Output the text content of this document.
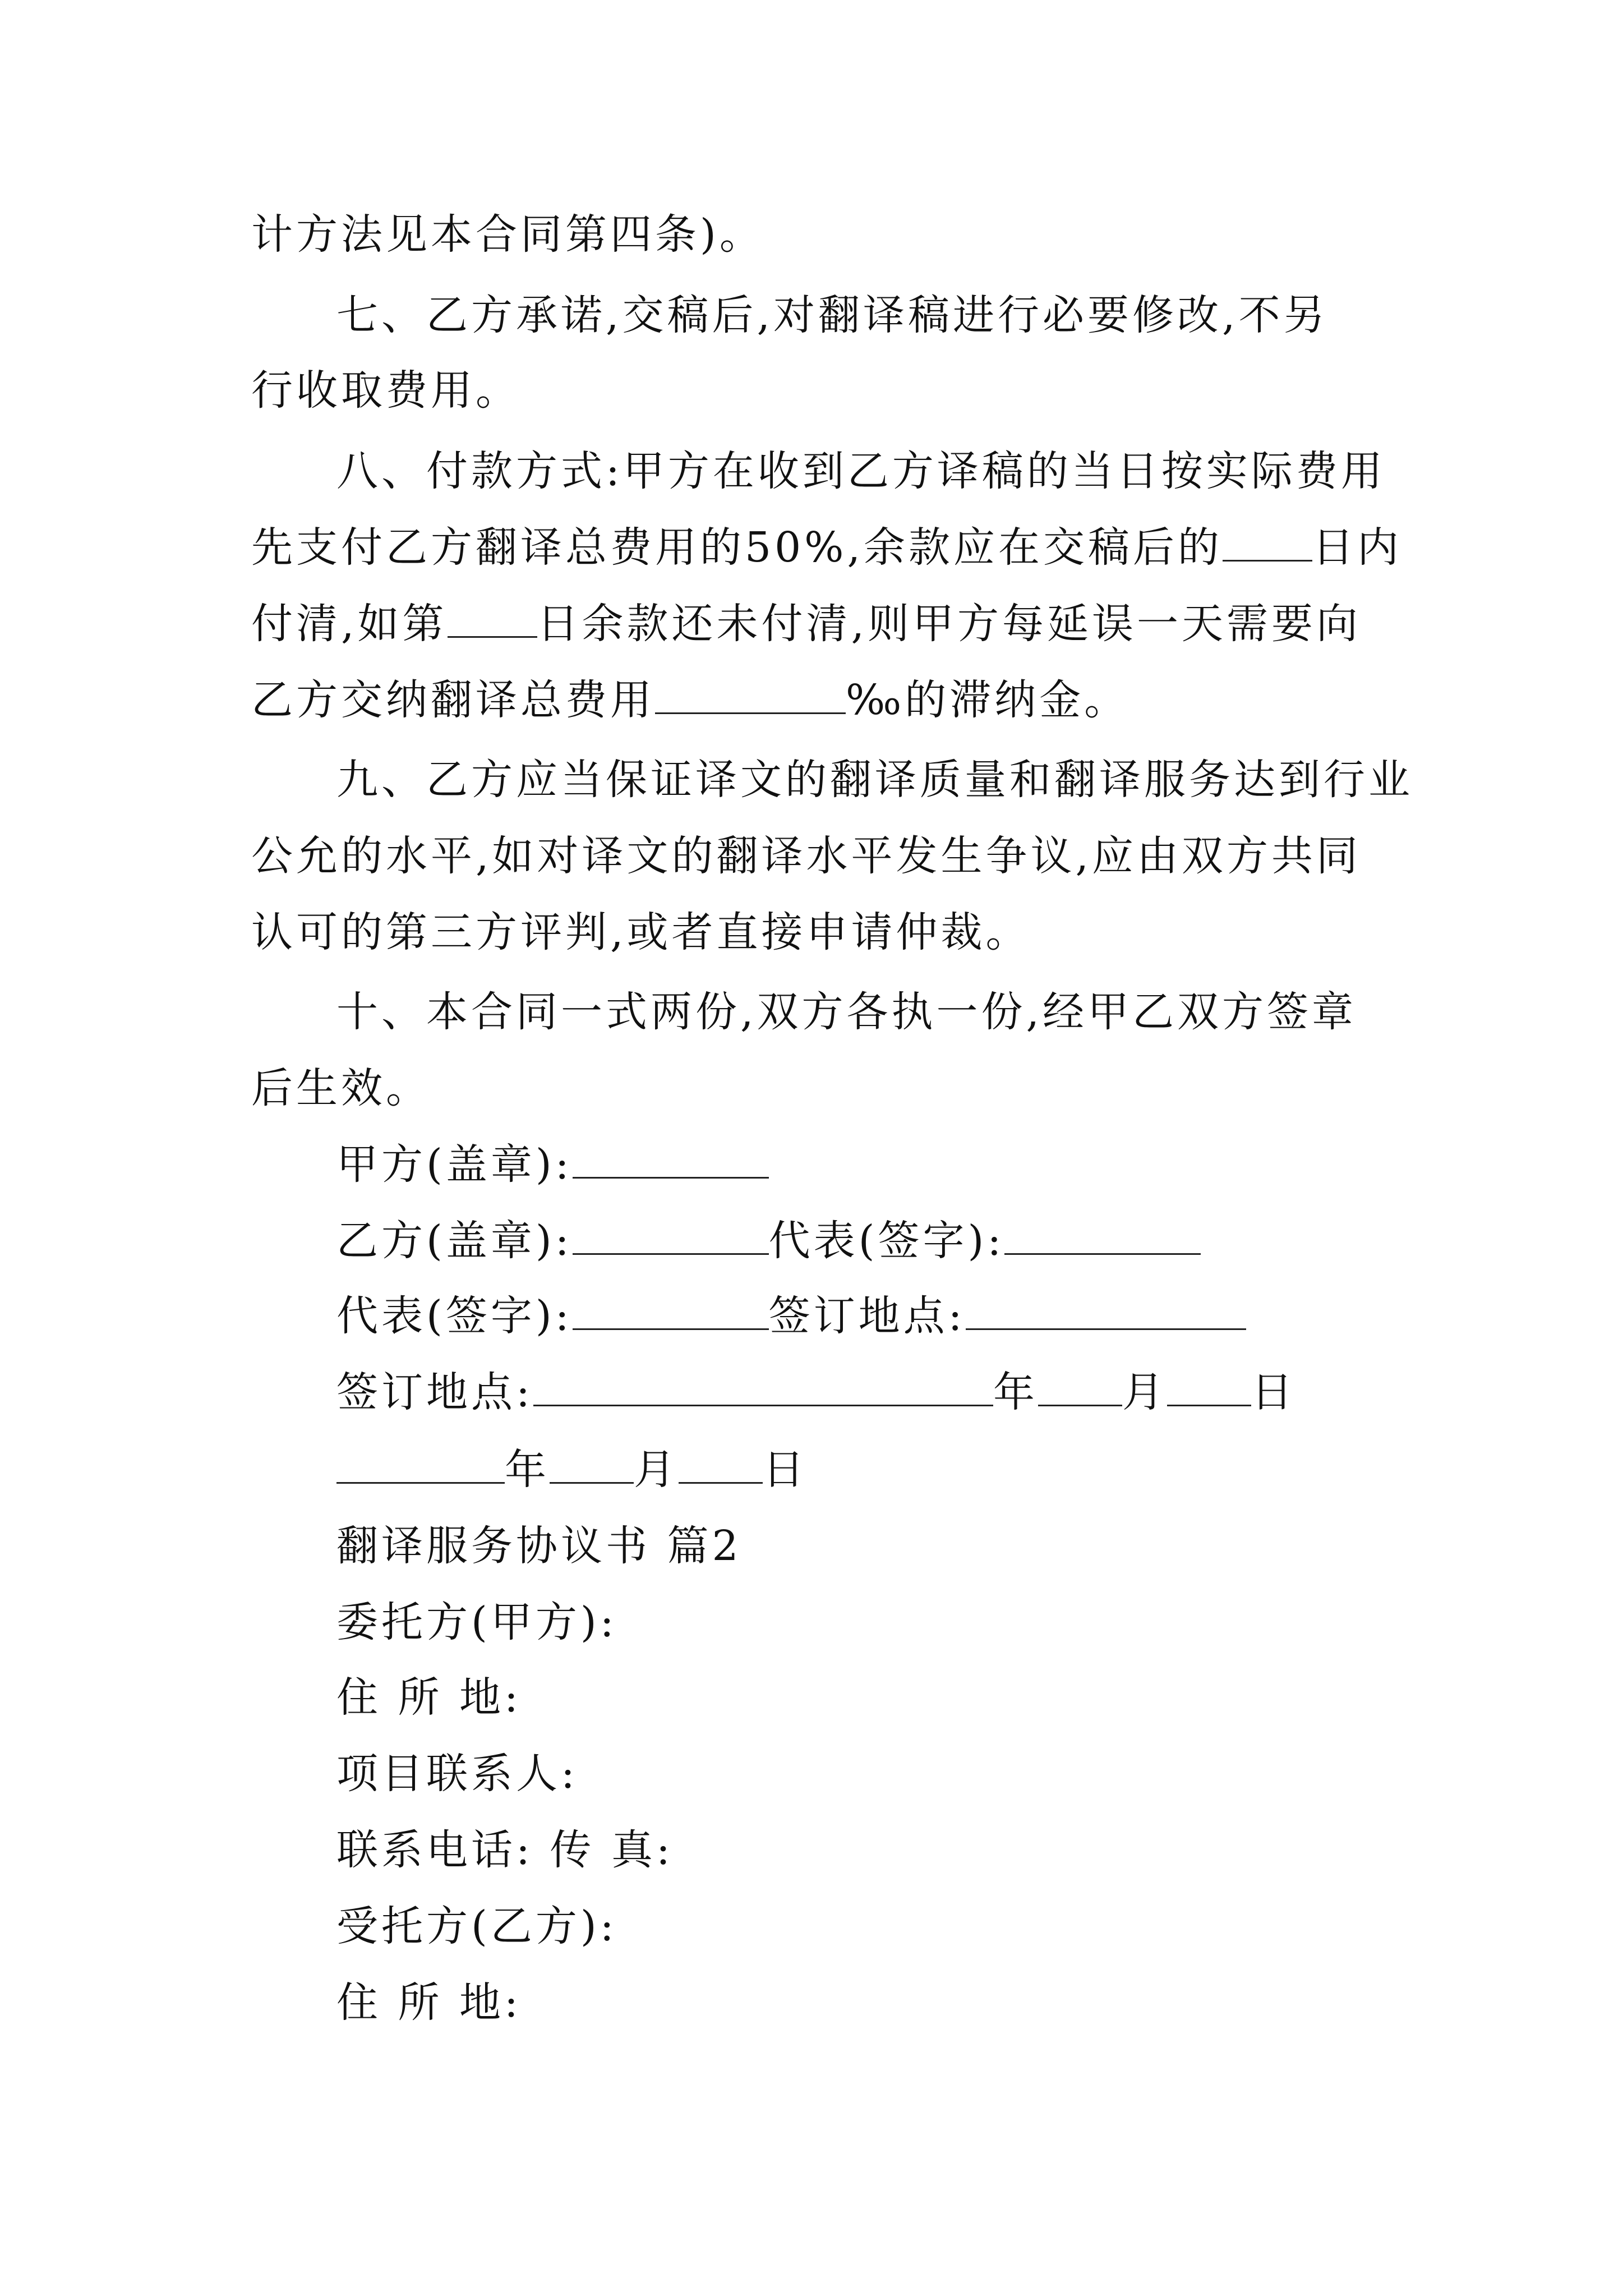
计方法见本合同第四条)。
七、乙方承诺,交稿后,对翻译稿进行必要修改,不另
行收取费用。
八、付款方式:甲方在收到乙方译稿的当日按实际费用
先支付乙方翻译总费用的50%,余款应在交稿后的 日内
付清,如第 日余款还未付清,则甲方每延误一天需要向
乙方交纳翻译总费用	‰的滞纳金。
九、乙方应当保证译文的翻译质量和翻译服务达到行业
公允的水平,如对译文的翻译水平发生争议,应由双方共同
认可的第三方评判,或者直接申请仲裁。
十、本合同一式两份,双方各执一份,经甲乙双方签章
后生效。
甲方(盖章):
乙方(盖章):	代表(签字):
代表(签字):	签订地点:
签订地点:	年 月 日
年 月 日
翻译服务协议书 篇2
委托方(甲方):
住 所 地:
项目联系人:
联系电话: 传 真:
受托方(乙方):
住 所 地:
